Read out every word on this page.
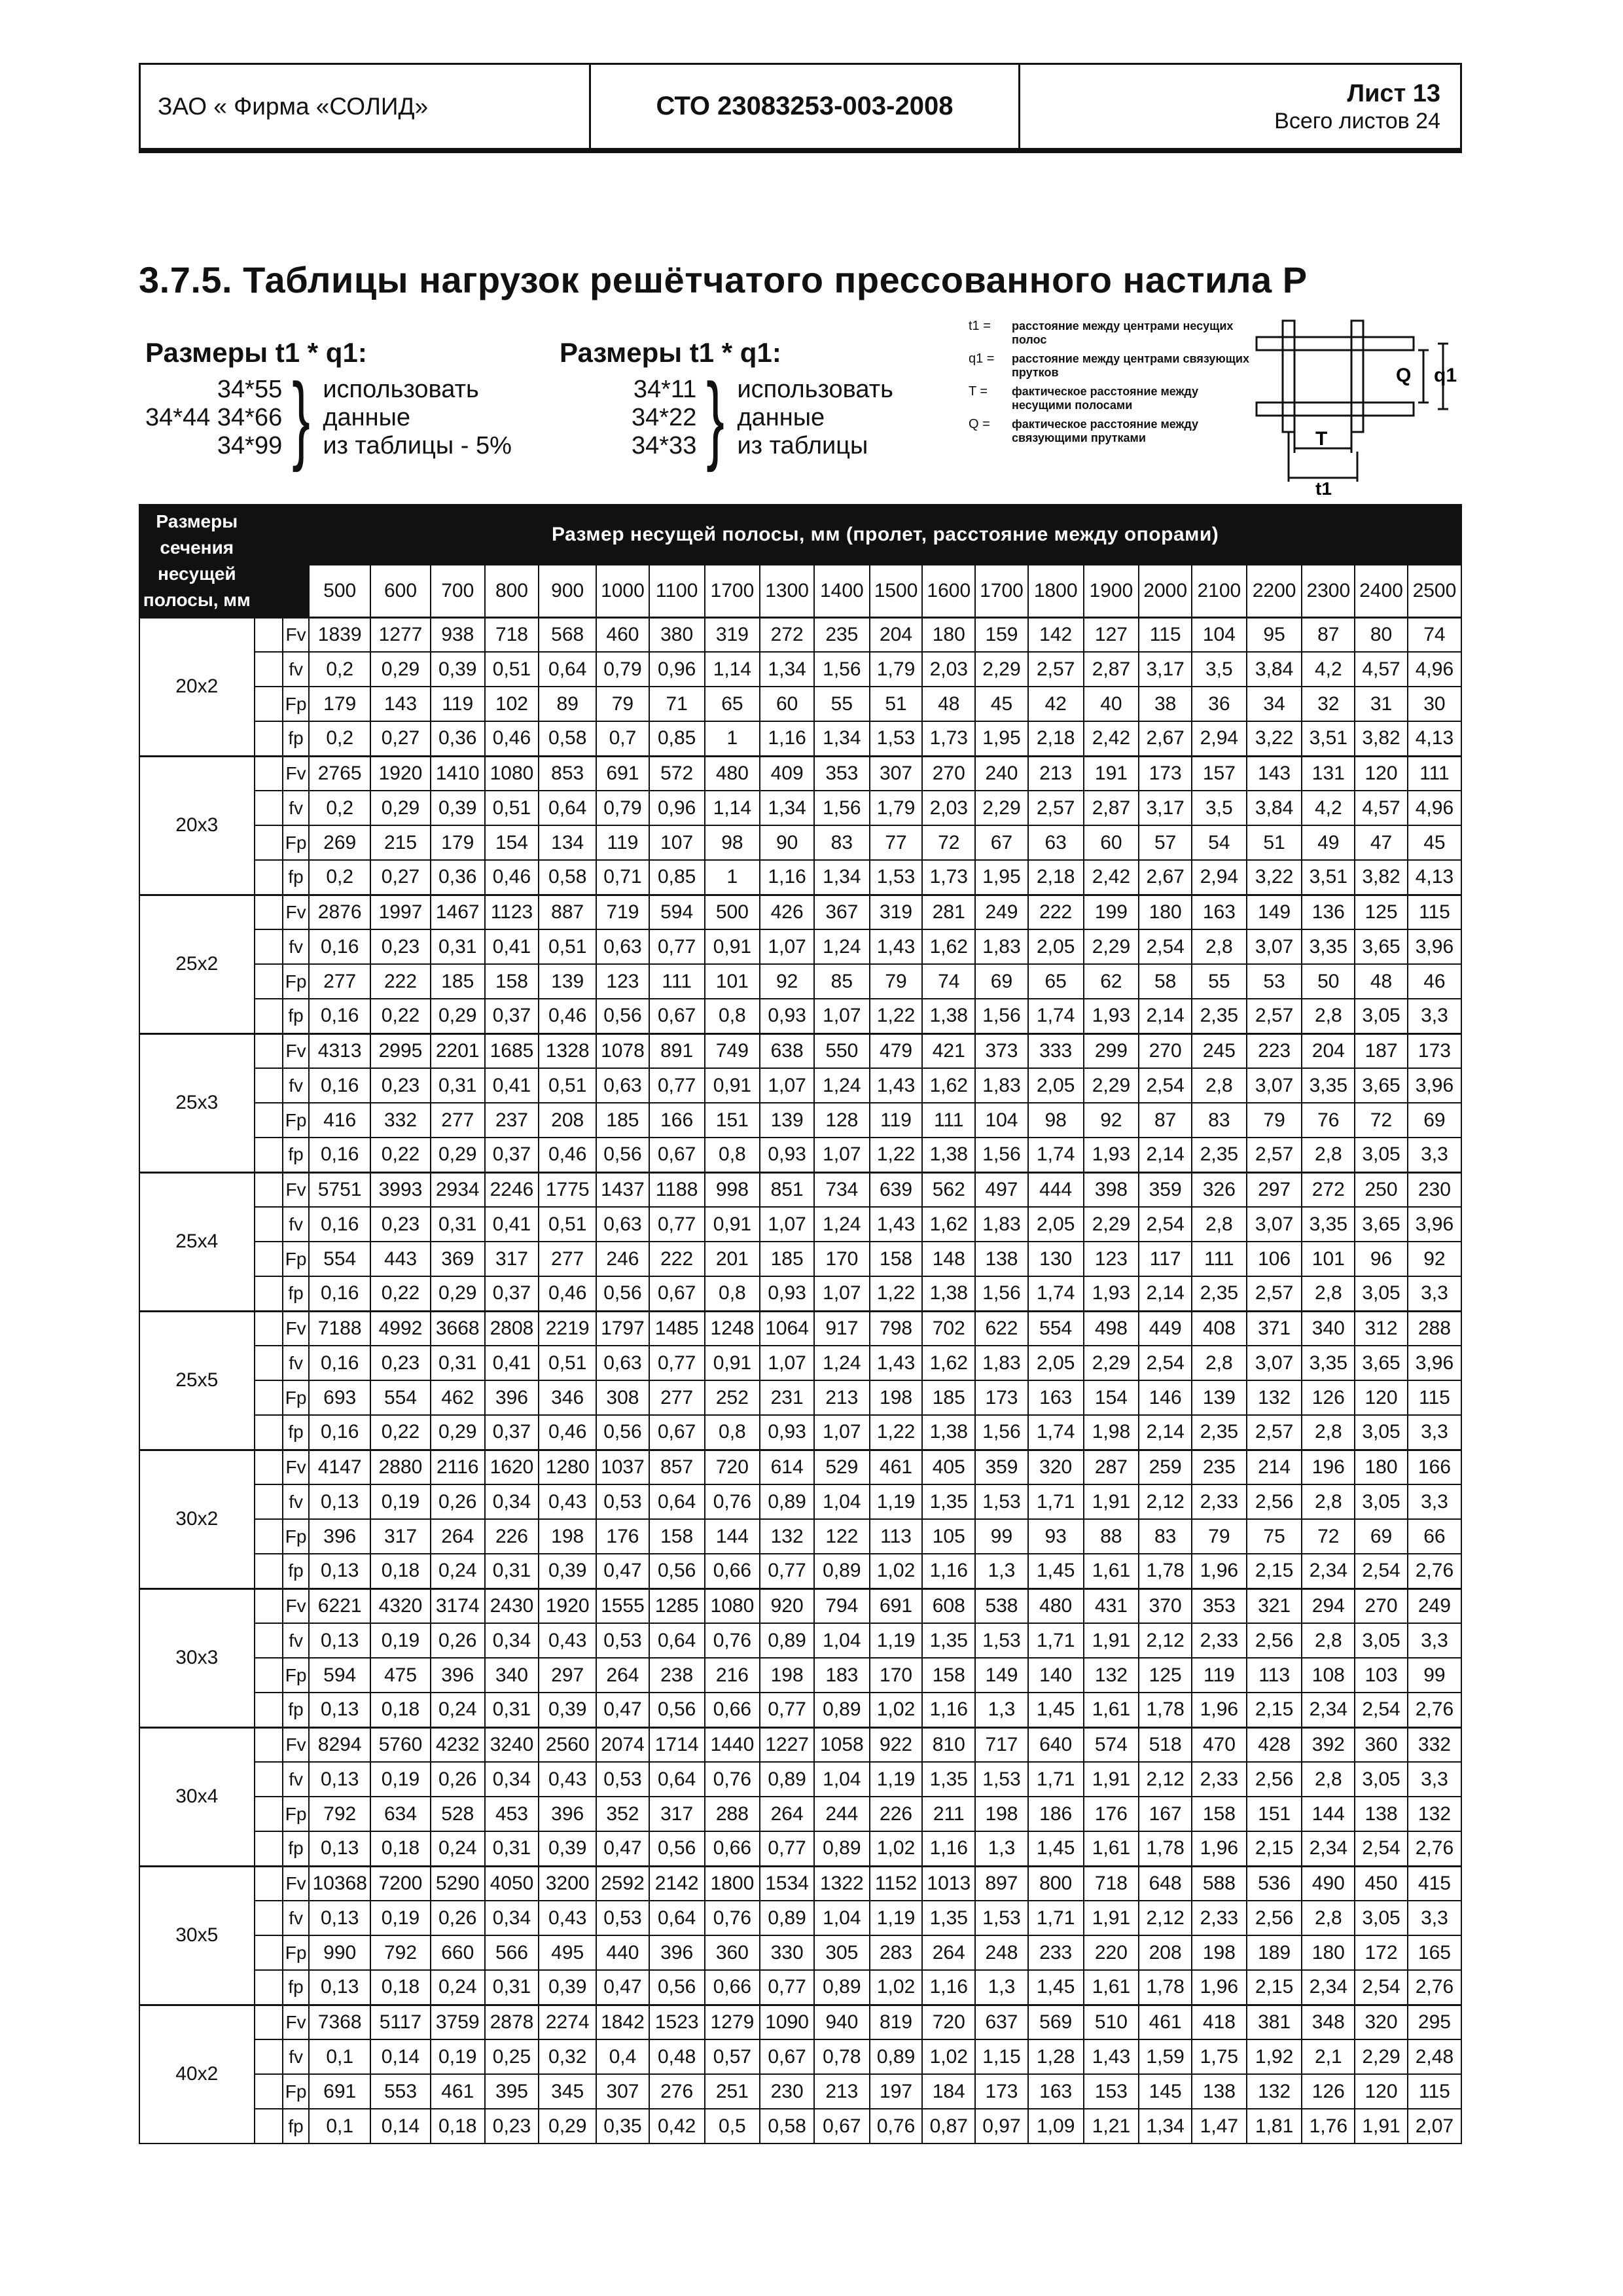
ЗАО « Фирма «СОЛИД»	СТО 23083253-003-2008	Лист 13
Всего листов 24
3.7.5. Таблицы нагрузок решётчатого прессованного настила Р
Размеры t1 * q1:
34*55
34*44 34*66
34*99 } использовать
данные
из таблицы - 5%
Размеры t1 * q1:
34*11
34*22
34*33 } использовать
данные
из таблицы
t1 =	расстояние между центрами несущих полос
q1 =	расстояние между центрами связующих прутков
T =	фактическое расстояние между несущими полосами
Q =	фактическое расстояние между связующими прутками
Q q1
T
t1
Размеры сечения несущей полосы, мм			Размер несущей полосы, мм (пролет, расстояние между опорами)																				
			500	600	700	800	900	1000	1100	1700	1300	1400	1500	1600	1700	1800	1900	2000	2100	2200	2300	2400	2500
20x2		Fv	1839	1277	938	718	568	460	380	319	272	235	204	180	159	142	127	115	104	95	87	80	74
		fv	0,2	0,29	0,39	0,51	0,64	0,79	0,96	1,14	1,34	1,56	1,79	2,03	2,29	2,57	2,87	3,17	3,5	3,84	4,2	4,57	4,96
		Fp	179	143	119	102	89	79	71	65	60	55	51	48	45	42	40	38	36	34	32	31	30
		fp	0,2	0,27	0,36	0,46	0,58	0,7	0,85	1	1,16	1,34	1,53	1,73	1,95	2,18	2,42	2,67	2,94	3,22	3,51	3,82	4,13
20x3		Fv	2765	1920	1410	1080	853	691	572	480	409	353	307	270	240	213	191	173	157	143	131	120	111
		fv	0,2	0,29	0,39	0,51	0,64	0,79	0,96	1,14	1,34	1,56	1,79	2,03	2,29	2,57	2,87	3,17	3,5	3,84	4,2	4,57	4,96
		Fp	269	215	179	154	134	119	107	98	90	83	77	72	67	63	60	57	54	51	49	47	45
		fp	0,2	0,27	0,36	0,46	0,58	0,71	0,85	1	1,16	1,34	1,53	1,73	1,95	2,18	2,42	2,67	2,94	3,22	3,51	3,82	4,13
25x2		Fv	2876	1997	1467	1123	887	719	594	500	426	367	319	281	249	222	199	180	163	149	136	125	115
		fv	0,16	0,23	0,31	0,41	0,51	0,63	0,77	0,91	1,07	1,24	1,43	1,62	1,83	2,05	2,29	2,54	2,8	3,07	3,35	3,65	3,96
		Fp	277	222	185	158	139	123	111	101	92	85	79	74	69	65	62	58	55	53	50	48	46
		fp	0,16	0,22	0,29	0,37	0,46	0,56	0,67	0,8	0,93	1,07	1,22	1,38	1,56	1,74	1,93	2,14	2,35	2,57	2,8	3,05	3,3
25x3		Fv	4313	2995	2201	1685	1328	1078	891	749	638	550	479	421	373	333	299	270	245	223	204	187	173
		fv	0,16	0,23	0,31	0,41	0,51	0,63	0,77	0,91	1,07	1,24	1,43	1,62	1,83	2,05	2,29	2,54	2,8	3,07	3,35	3,65	3,96
		Fp	416	332	277	237	208	185	166	151	139	128	119	111	104	98	92	87	83	79	76	72	69
		fp	0,16	0,22	0,29	0,37	0,46	0,56	0,67	0,8	0,93	1,07	1,22	1,38	1,56	1,74	1,93	2,14	2,35	2,57	2,8	3,05	3,3
25x4		Fv	5751	3993	2934	2246	1775	1437	1188	998	851	734	639	562	497	444	398	359	326	297	272	250	230
		fv	0,16	0,23	0,31	0,41	0,51	0,63	0,77	0,91	1,07	1,24	1,43	1,62	1,83	2,05	2,29	2,54	2,8	3,07	3,35	3,65	3,96
		Fp	554	443	369	317	277	246	222	201	185	170	158	148	138	130	123	117	111	106	101	96	92
		fp	0,16	0,22	0,29	0,37	0,46	0,56	0,67	0,8	0,93	1,07	1,22	1,38	1,56	1,74	1,93	2,14	2,35	2,57	2,8	3,05	3,3
25x5		Fv	7188	4992	3668	2808	2219	1797	1485	1248	1064	917	798	702	622	554	498	449	408	371	340	312	288
		fv	0,16	0,23	0,31	0,41	0,51	0,63	0,77	0,91	1,07	1,24	1,43	1,62	1,83	2,05	2,29	2,54	2,8	3,07	3,35	3,65	3,96
		Fp	693	554	462	396	346	308	277	252	231	213	198	185	173	163	154	146	139	132	126	120	115
		fp	0,16	0,22	0,29	0,37	0,46	0,56	0,67	0,8	0,93	1,07	1,22	1,38	1,56	1,74	1,98	2,14	2,35	2,57	2,8	3,05	3,3
30x2		Fv	4147	2880	2116	1620	1280	1037	857	720	614	529	461	405	359	320	287	259	235	214	196	180	166
		fv	0,13	0,19	0,26	0,34	0,43	0,53	0,64	0,76	0,89	1,04	1,19	1,35	1,53	1,71	1,91	2,12	2,33	2,56	2,8	3,05	3,3
		Fp	396	317	264	226	198	176	158	144	132	122	113	105	99	93	88	83	79	75	72	69	66
		fp	0,13	0,18	0,24	0,31	0,39	0,47	0,56	0,66	0,77	0,89	1,02	1,16	1,3	1,45	1,61	1,78	1,96	2,15	2,34	2,54	2,76
30x3		Fv	6221	4320	3174	2430	1920	1555	1285	1080	920	794	691	608	538	480	431	370	353	321	294	270	249
		fv	0,13	0,19	0,26	0,34	0,43	0,53	0,64	0,76	0,89	1,04	1,19	1,35	1,53	1,71	1,91	2,12	2,33	2,56	2,8	3,05	3,3
		Fp	594	475	396	340	297	264	238	216	198	183	170	158	149	140	132	125	119	113	108	103	99
		fp	0,13	0,18	0,24	0,31	0,39	0,47	0,56	0,66	0,77	0,89	1,02	1,16	1,3	1,45	1,61	1,78	1,96	2,15	2,34	2,54	2,76
30x4		Fv	8294	5760	4232	3240	2560	2074	1714	1440	1227	1058	922	810	717	640	574	518	470	428	392	360	332
		fv	0,13	0,19	0,26	0,34	0,43	0,53	0,64	0,76	0,89	1,04	1,19	1,35	1,53	1,71	1,91	2,12	2,33	2,56	2,8	3,05	3,3
		Fp	792	634	528	453	396	352	317	288	264	244	226	211	198	186	176	167	158	151	144	138	132
		fp	0,13	0,18	0,24	0,31	0,39	0,47	0,56	0,66	0,77	0,89	1,02	1,16	1,3	1,45	1,61	1,78	1,96	2,15	2,34	2,54	2,76
30x5		Fv	10368	7200	5290	4050	3200	2592	2142	1800	1534	1322	1152	1013	897	800	718	648	588	536	490	450	415
		fv	0,13	0,19	0,26	0,34	0,43	0,53	0,64	0,76	0,89	1,04	1,19	1,35	1,53	1,71	1,91	2,12	2,33	2,56	2,8	3,05	3,3
		Fp	990	792	660	566	495	440	396	360	330	305	283	264	248	233	220	208	198	189	180	172	165
		fp	0,13	0,18	0,24	0,31	0,39	0,47	0,56	0,66	0,77	0,89	1,02	1,16	1,3	1,45	1,61	1,78	1,96	2,15	2,34	2,54	2,76
40x2		Fv	7368	5117	3759	2878	2274	1842	1523	1279	1090	940	819	720	637	569	510	461	418	381	348	320	295
		fv	0,1	0,14	0,19	0,25	0,32	0,4	0,48	0,57	0,67	0,78	0,89	1,02	1,15	1,28	1,43	1,59	1,75	1,92	2,1	2,29	2,48
		Fp	691	553	461	395	345	307	276	251	230	213	197	184	173	163	153	145	138	132	126	120	115
		fp	0,1	0,14	0,18	0,23	0,29	0,35	0,42	0,5	0,58	0,67	0,76	0,87	0,97	1,09	1,21	1,34	1,47	1,81	1,76	1,91	2,07
